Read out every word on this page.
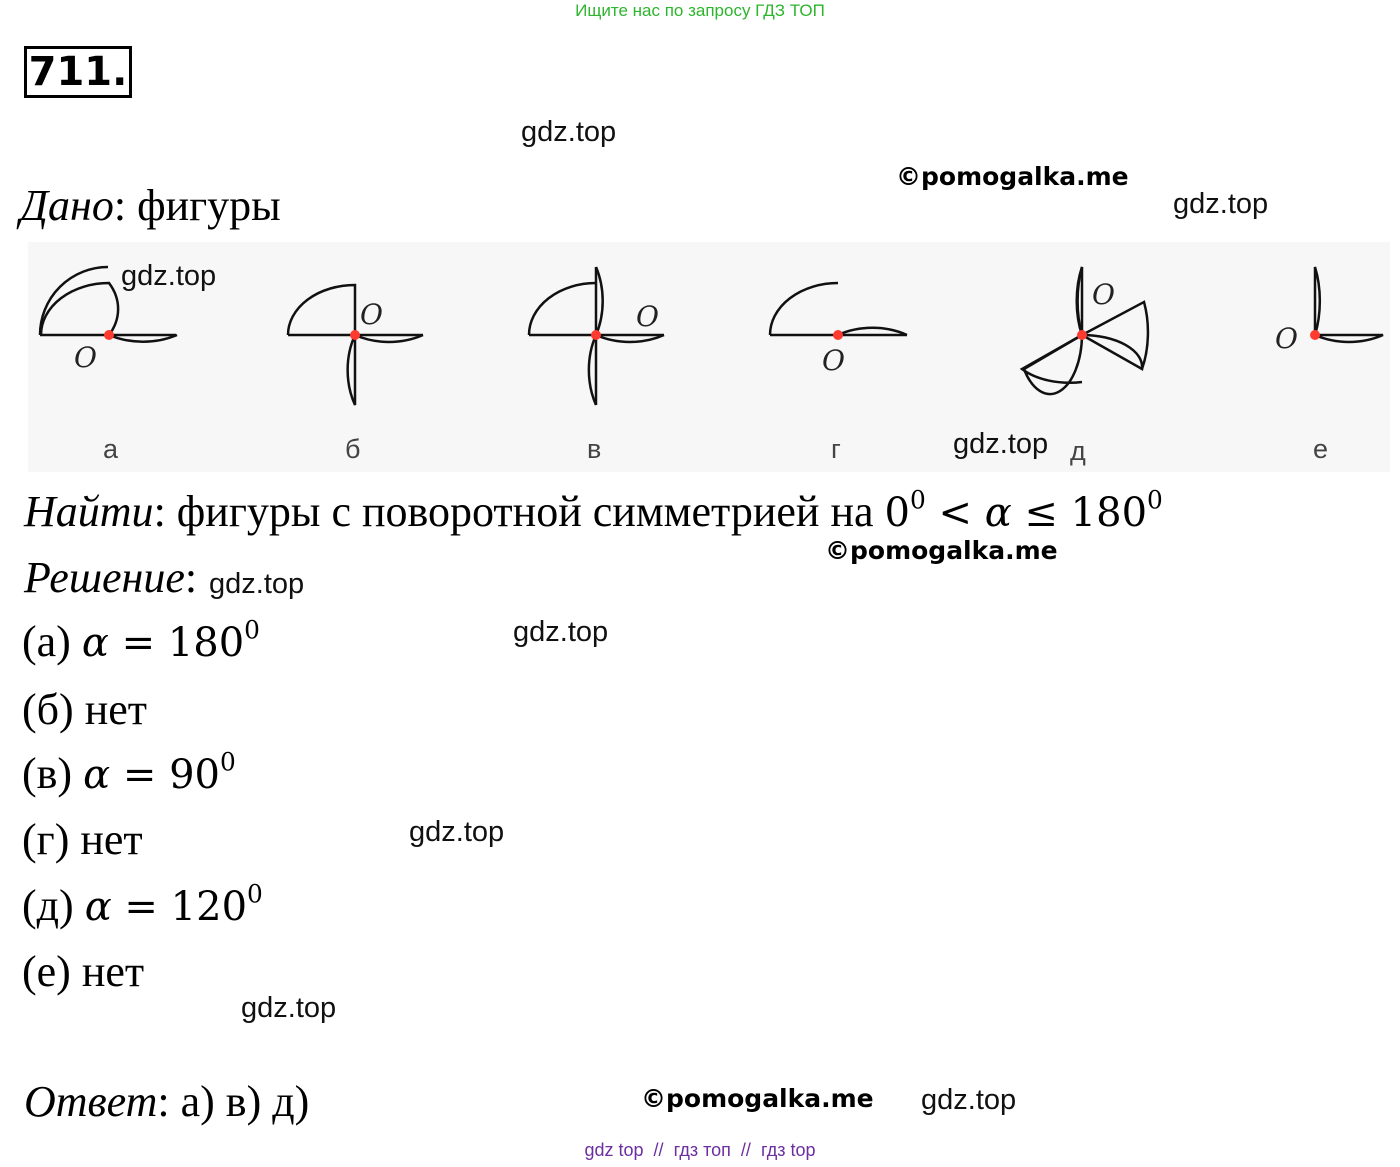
Ищите нас по запросу ГДЗ ТОП
711.
gdz.top
©pomogalka.me
gdz.top
Дано: фигуры
O
O	O
O
O
O
а	б	в	г	д	е
gdz.top
gdz.top
Найти: фигуры с поворотной симметрией на $0^0 < \alpha \le 180^0$
©pomogalka.me
Решение: gdz.top
gdz.top
gdz.top
gdz.top
(а) $\alpha = 180^0$
(б) нет
(в) $\alpha = 90^0$
(г) нет
(д) $\alpha = 120^0$
(е) нет
Ответ: а) в) д)	©pomogalka.me gdz.top
gdz top // гдз топ // гдз top
